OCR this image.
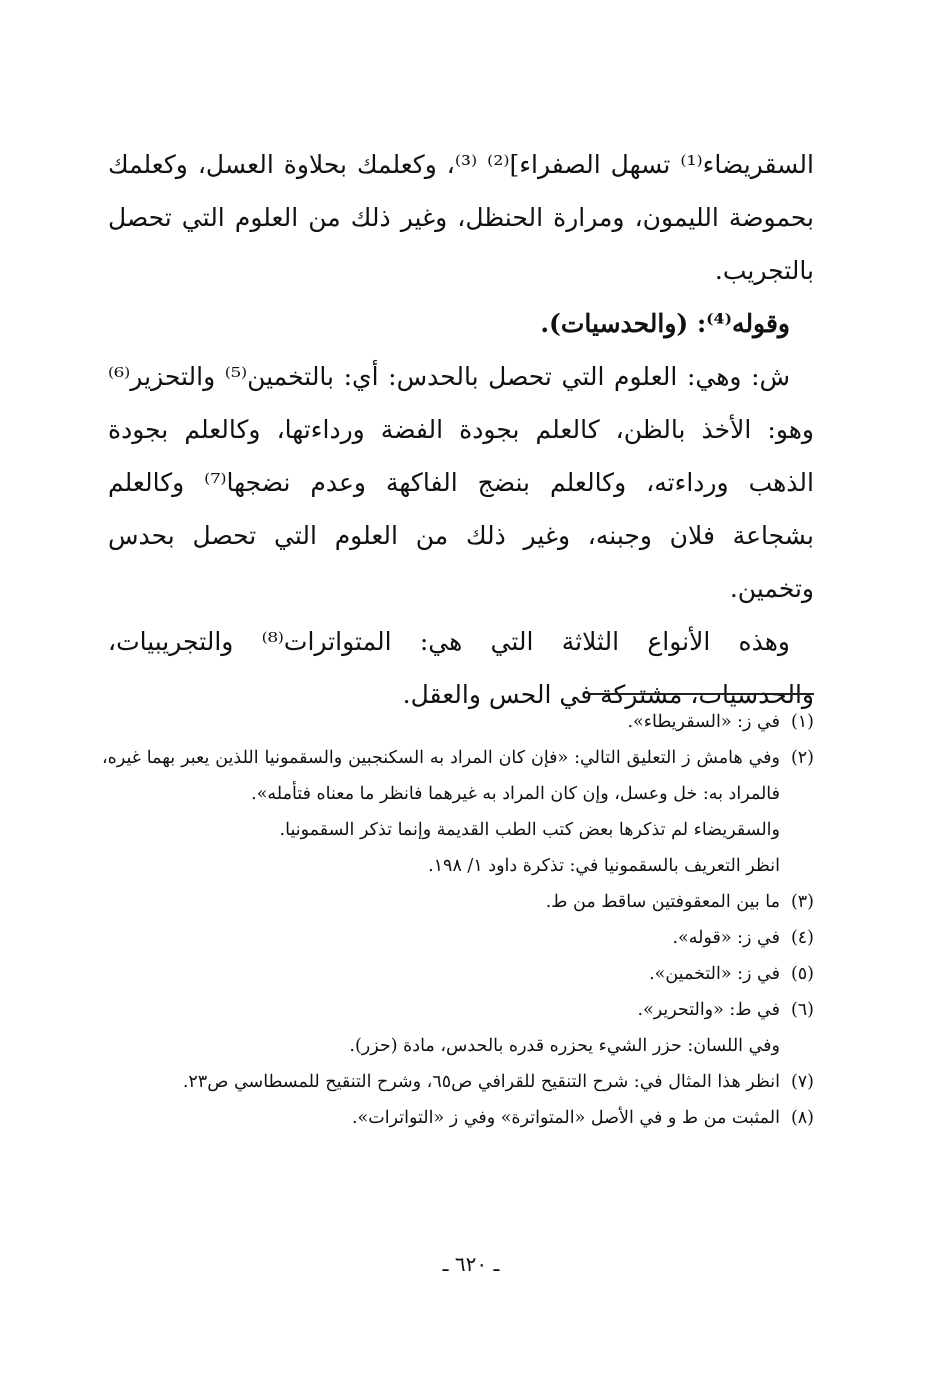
السقريضاء⁽¹⁾ تسهل الصفراء]⁽²⁾ ⁽³⁾، وكعلمك بحلاوة العسل، وكعلمك بحموضة الليمون، ومرارة الحنظل، وغير ذلك من العلوم التي تحصل بالتجريب.

وقوله⁽⁴⁾: (والحدسيات).

ش: وهي: العلوم التي تحصل بالحدس: أي: بالتخمين⁽⁵⁾ والتحزير⁽⁶⁾ وهو: الأخذ بالظن، كالعلم بجودة الفضة ورداءتها، وكالعلم بجودة الذهب ورداءته، وكالعلم بنضج الفاكهة وعدم نضجها⁽⁷⁾ وكالعلم بشجاعة فلان وجبنه، وغير ذلك من العلوم التي تحصل بحدس وتخمين.

وهذه الأنواع الثلاثة التي هي: المتواترات⁽⁸⁾ والتجريبيات، والحدسيات، مشتركة في الحس والعقل.

(١)
في ز: «السقريطاء».
(٢)
وفي هامش ز التعليق التالي: «فإن كان المراد به السكنجبين والسقمونيا اللذين يعبر بهما غيره، فالمراد به: خل وعسل، وإن كان المراد به غيرهما فانظر ما معناه فتأمله».
والسقريضاء لم تذكرها بعض كتب الطب القديمة وإنما تذكر السقمونيا.
انظر التعريف بالسقمونيا في: تذكرة داود ١/ ١٩٨.
(٣)
ما بين المعقوفتين ساقط من ط.
(٤)
في ز: «قوله».
(٥)
في ز: «التخمين».
(٦)
في ط: «والتحرير».
وفي اللسان: حزر الشيء يحزره قدره بالحدس، مادة (حزر).
(٧)
انظر هذا المثال في: شرح التنقيح للقرافي ص٦٥، وشرح التنقيح للمسطاسي ص٢٣.
(٨)
المثبت من ط و في الأصل «المتواترة» وفي ز «التواترات».
ـ ٦٢٠ ـ
